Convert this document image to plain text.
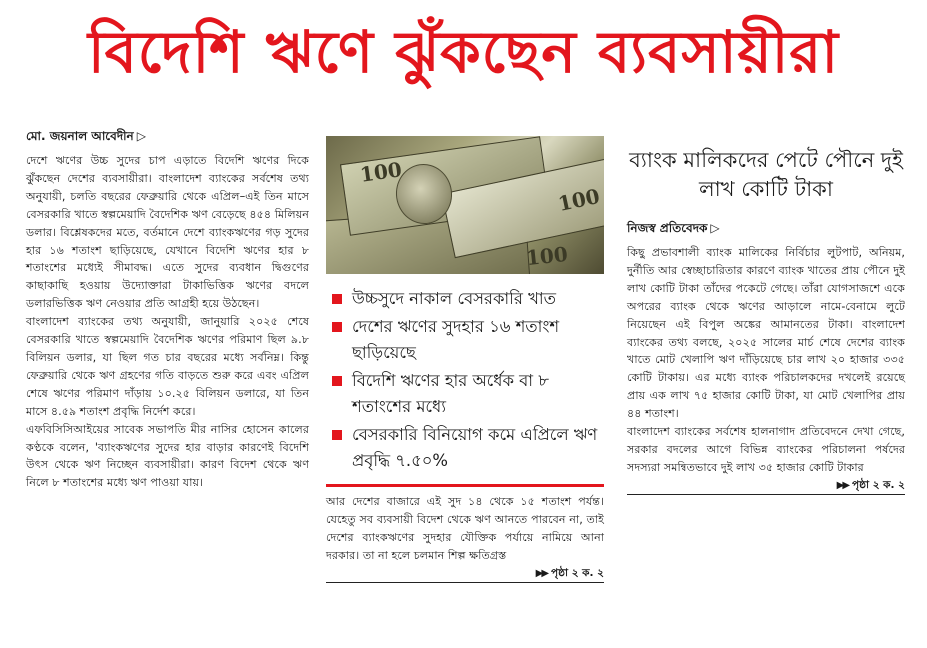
বিদেশি ঋণে ঝুঁকছেন ব্যবসায়ীরা
মো. জয়নাল আবেদীন ▷

দেশে ঋণের উচ্চ সুদের চাপ এড়াতে বিদেশি ঋণের দিকে ঝুঁকছেন দেশের ব্যবসায়ীরা। বাংলাদেশ ব্যাংকের সর্বশেষ তথ্য অনুযায়ী, চলতি বছরের ফেব্রুয়ারি থেকে এপ্রিল–এই তিন মাসে বেসরকারি খাতে স্বল্পমেয়াদি বৈদেশিক ঋণ বেড়েছে ৪৫৪ মিলিয়ন ডলার। বিশ্লেষকদের মতে, বর্তমানে দেশে ব্যাংকঋণের গড় সুদের হার ১৬ শতাংশ ছাড়িয়েছে, যেখানে বিদেশি ঋণের হার ৮ শতাংশের মধ্যেই সীমাবদ্ধ। এতে সুদের ব্যবধান দ্বিগুণের কাছাকাছি হওয়ায় উদ্যোক্তারা টাকাভিত্তিক ঋণের বদলে ডলারভিত্তিক ঋণ নেওয়ার প্রতি আগ্রহী হয়ে উঠছেন।

বাংলাদেশ ব্যাংকের তথ্য অনুযায়ী, জানুয়ারি ২০২৫ শেষে বেসরকারি খাতে স্বল্পমেয়াদি বৈদেশিক ঋণের পরিমাণ ছিল ৯.৮ বিলিয়ন ডলার, যা ছিল গত চার বছরের মধ্যে সর্বনিম্ন। কিন্তু ফেব্রুয়ারি থেকে ঋণ গ্রহণের গতি বাড়তে শুরু করে এবং এপ্রিল শেষে ঋণের পরিমাণ দাঁড়ায় ১০.২৫ বিলিয়ন ডলারে, যা তিন মাসে ৪.৫৯ শতাংশ প্রবৃদ্ধি নির্দেশ করে।

এফবিসিসিআইয়ের সাবেক সভাপতি মীর নাসির হোসেন কালের কণ্ঠকে বলেন, 'ব্যাংকঋণের সুদের হার বাড়ার কারণেই বিদেশি উৎস থেকে ঋণ নিচ্ছেন ব্যবসায়ীরা। কারণ বিদেশ থেকে ঋণ নিলে ৮ শতাংশের মধ্যে ঋণ পাওয়া যায়।

100
100
100
উচ্চসুদে নাকাল বেসরকারি খাত
দেশের ঋণের সুদহার ১৬ শতাংশ ছাড়িয়েছে
বিদেশি ঋণের হার অর্ধেক বা ৮ শতাংশের মধ্যে
বেসরকারি বিনিয়োগ কমে এপ্রিলে ঋণ প্রবৃদ্ধি ৭.৫০%
আর দেশের বাজারে এই সুদ ১৪ থেকে ১৫ শতাংশ পর্যন্ত। যেহেতু সব ব্যবসায়ী বিদেশ থেকে ঋণ আনতে পারবেন না, তাই দেশের ব্যাংকঋণের সুদহার যৌক্তিক পর্যায়ে নামিয়ে আনা দরকার। তা না হলে চলমান শিল্প ক্ষতিগ্রস্ত
▶▶ পৃষ্ঠা ২ ক. ২
ব্যাংক মালিকদের পেটে পৌনে দুই লাখ কোটি টাকা
নিজস্ব প্রতিবেদক ▷

কিছু প্রভাবশালী ব্যাংক মালিকের নির্বিচার লুটপাট, অনিয়ম, দুর্নীতি আর স্বেচ্ছাচারিতার কারণে ব্যাংক খাতের প্রায় পৌনে দুই লাখ কোটি টাকা তাঁদের পকেটে গেছে। তাঁরা যোগসাজশে একে অপরের ব্যাংক থেকে ঋণের আড়ালে নামে-বেনামে লুটে নিয়েছেন এই বিপুল অঙ্কের আমানতের টাকা। বাংলাদেশ ব্যাংকের তথ্য বলছে, ২০২৫ সালের মার্চ শেষে দেশের ব্যাংক খাতে মোট খেলাপি ঋণ দাঁড়িয়েছে চার লাখ ২০ হাজার ৩৩৫ কোটি টাকায়। এর মধ্যে ব্যাংক পরিচালকদের দখলেই রয়েছে প্রায় এক লাখ ৭৫ হাজার কোটি টাকা, যা মোট খেলাপির প্রায় ৪৪ শতাংশ।

বাংলাদেশ ব্যাংকের সর্বশেষ হালনাগাদ প্রতিবেদনে দেখা গেছে, সরকার বদলের আগে বিভিন্ন ব্যাংকের পরিচালনা পর্ষদের সদস্যরা সমন্বিতভাবে দুই লাখ ৩৫ হাজার কোটি টাকার

▶▶ পৃষ্ঠা ২ ক. ২
